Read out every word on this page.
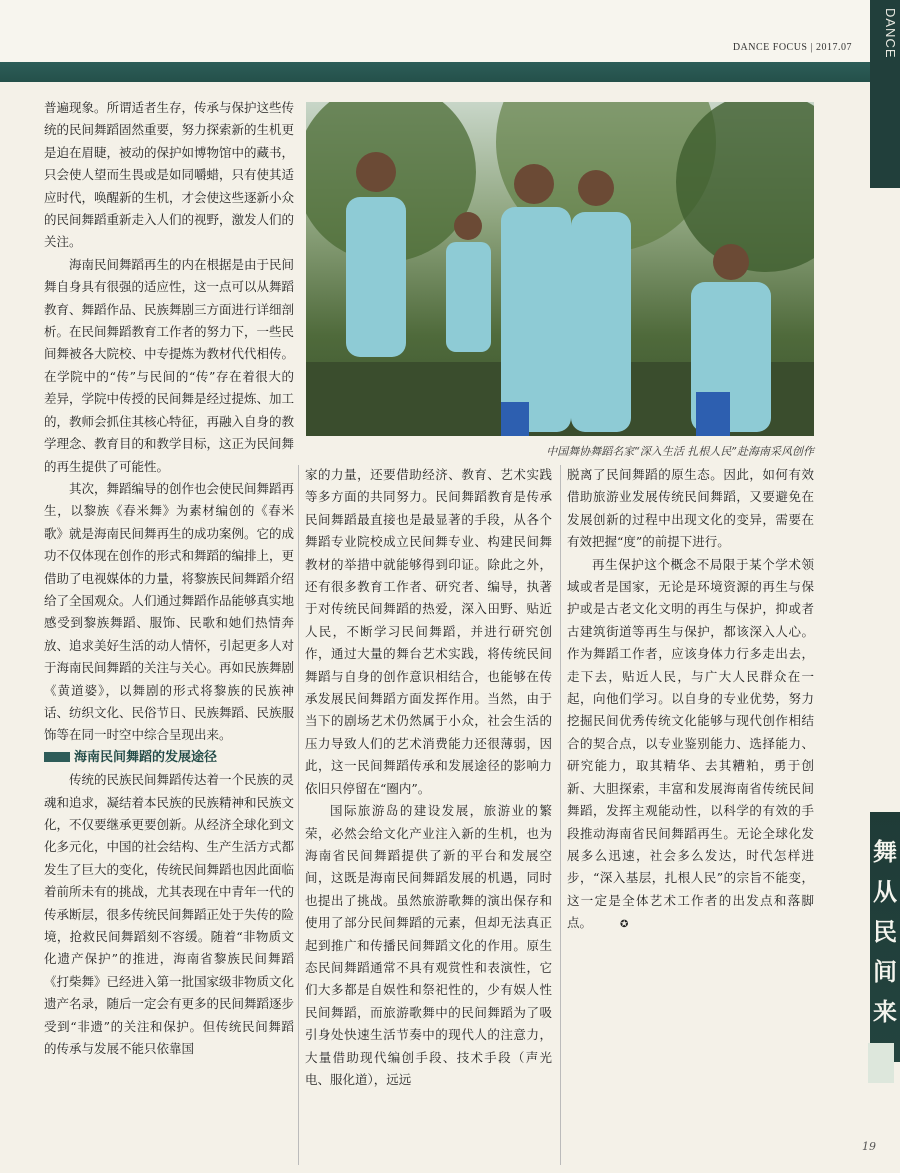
DANCE FOCUS | 2017.07 DANCE
中国舞协舞蹈名家“深入生活 扎根人民”赴海南采风创作

普遍现象。所谓适者生存，传承与保护这些传统的民间舞蹈固然重要，努力探索新的生机更是迫在眉睫，被动的保护如博物馆中的藏书，只会使人望而生畏或是如同嚼蜡，只有使其适应时代，唤醒新的生机，才会使这些逐新小众的民间舞蹈重新走入人们的视野，激发人们的关注。

海南民间舞蹈再生的内在根据是由于民间舞自身具有很强的适应性，这一点可以从舞蹈教育、舞蹈作品、民族舞剧三方面进行详细剖析。在民间舞蹈教育工作者的努力下，一些民间舞被各大院校、中专提炼为教材代代相传。在学院中的“传”与民间的“传”存在着很大的差异，学院中传授的民间舞是经过提炼、加工的，教师会抓住其核心特征，再融入自身的教学理念、教育目的和教学目标，这正为民间舞的再生提供了可能性。

其次，舞蹈编导的创作也会使民间舞蹈再生，以黎族《春米舞》为素材编创的《春米歌》就是海南民间舞再生的成功案例。它的成功不仅体现在创作的形式和舞蹈的编排上，更借助了电视媒体的力量，将黎族民间舞蹈介绍给了全国观众。人们通过舞蹈作品能够真实地感受到黎族舞蹈、服饰、民歌和她们热情奔放、追求美好生活的动人情怀，引起更多人对于海南民间舞蹈的关注与关心。再如民族舞剧《黄道婆》，以舞剧的形式将黎族的民族神话、纺织文化、民俗节日、民族舞蹈、民族服饰等在同一时空中综合呈现出来。

海南民间舞蹈的发展途径

传统的民族民间舞蹈传达着一个民族的灵魂和追求，凝结着本民族的民族精神和民族文化，不仅要继承更要创新。从经济全球化到文化多元化，中国的社会结构、生产生活方式都发生了巨大的变化，传统民间舞蹈也因此面临着前所未有的挑战，尤其表现在中青年一代的传承断层，很多传统民间舞蹈正处于失传的险境，抢救民间舞蹈刻不容缓。随着“非物质文化遗产保护”的推进，海南省黎族民间舞蹈《打柴舞》已经进入第一批国家级非物质文化遗产名录，随后一定会有更多的民间舞蹈逐步受到“非遗”的关注和保护。但传统民间舞蹈的传承与发展不能只依靠国

家的力量，还要借助经济、教育、艺术实践等多方面的共同努力。民间舞蹈教育是传承民间舞蹈最直接也是最显著的手段，从各个舞蹈专业院校成立民间舞专业、构建民间舞教材的举措中就能够得到印证。除此之外，还有很多教育工作者、研究者、编导，执著于对传统民间舞蹈的热爱，深入田野、贴近人民，不断学习民间舞蹈，并进行研究创作，通过大量的舞台艺术实践，将传统民间舞蹈与自身的创作意识相结合，也能够在传承发展民间舞蹈方面发挥作用。当然，由于当下的剧场艺术仍然属于小众，社会生活的压力导致人们的艺术消费能力还很薄弱，因此，这一民间舞蹈传承和发展途径的影响力依旧只停留在“圈内”。

国际旅游岛的建设发展，旅游业的繁荣，必然会给文化产业注入新的生机，也为海南省民间舞蹈提供了新的平台和发展空间，这既是海南民间舞蹈发展的机遇，同时也提出了挑战。虽然旅游歌舞的演出保存和使用了部分民间舞蹈的元素，但却无法真正起到推广和传播民间舞蹈文化的作用。原生态民间舞蹈通常不具有观赏性和表演性，它们大多都是自娱性和祭祀性的，少有娱人性民间舞蹈，而旅游歌舞中的民间舞蹈为了吸引身处快速生活节奏中的现代人的注意力，大量借助现代编创手段、技术手段（声光电、服化道），远远

脱离了民间舞蹈的原生态。因此，如何有效借助旅游业发展传统民间舞蹈，又要避免在发展创新的过程中出现文化的变异，需要在有效把握“度”的前提下进行。

再生保护这个概念不局限于某个学术领域或者是国家，无论是环境资源的再生与保护或是古老文化文明的再生与保护，抑或者古建筑街道等再生与保护，都该深入人心。作为舞蹈工作者，应该身体力行多走出去，走下去，贴近人民，与广大人民群众在一起，向他们学习。以自身的专业优势，努力挖掘民间优秀传统文化能够与现代创作相结合的契合点，以专业鉴别能力、选择能力、研究能力，取其精华、去其糟粕，勇于创新、大胆探索，丰富和发展海南省传统民间舞蹈，发挥主观能动性，以科学的有效的手段推动海南省民间舞蹈再生。无论全球化发展多么迅速，社会多么发达，时代怎样进步，“深入基层，扎根人民”的宗旨不能变，这一定是全体艺术工作者的出发点和落脚点。	✪

舞从民间来
19
